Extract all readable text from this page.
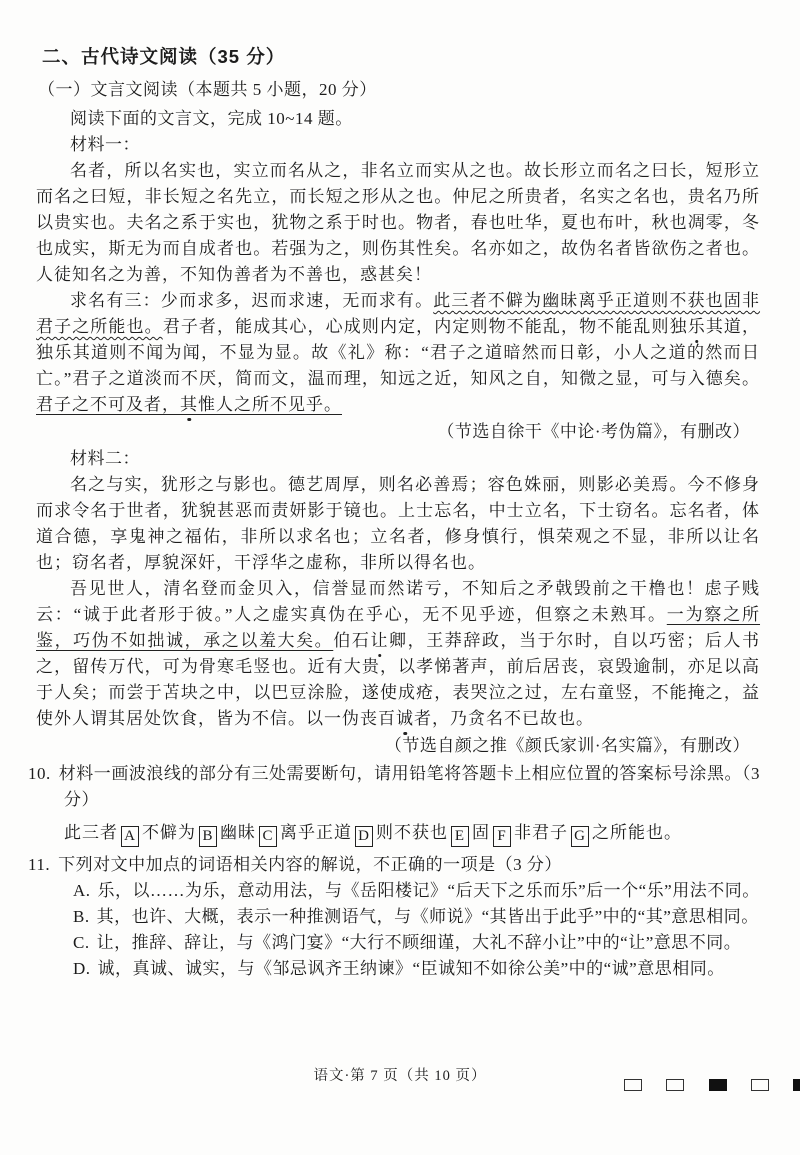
二、古代诗文阅读（35 分）
（一）文言文阅读（本题共 5 小题，20 分）
阅读下面的文言文，完成 10~14 题。
材料一：

名者，所以名实也，实立而名从之，非名立而实从之也。故长形立而名之曰长，短形立而名之曰短，非长短之名先立，而长短之形从之也。仲尼之所贵者，名实之名也，贵名乃所以贵实也。夫名之系于实也，犹物之系于时也。物者，春也吐华，夏也布叶，秋也凋零，冬也成实，斯无为而自成者也。若强为之，则伤其性矣。名亦如之，故伪名者皆欲伤之者也。人徒知名之为善，不知伪善者为不善也，惑甚矣！

求名有三：少而求多，迟而求速，无而求有。此三者不僻为幽昧离乎正道则不获也固非君子之所能也。君子者，能成其心，心成则内定，内定则物不能乱，物不能乱则独乐其道，独乐其道则不闻为闻，不显为显。故《礼》称：“君子之道暗然而日彰，小人之道的然而日亡。”君子之道淡而不厌，简而文，温而理，知远之近，知风之自，知微之显，可与入德矣。君子之不可及者，其惟人之所不见乎。

（节选自徐干《中论·考伪篇》，有删改）
材料二：

名之与实，犹形之与影也。德艺周厚，则名必善焉；容色姝丽，则影必美焉。今不修身而求令名于世者，犹貌甚恶而责妍影于镜也。上士忘名，中士立名，下士窃名。忘名者，体道合德，享鬼神之福佑，非所以求名也；立名者，修身慎行，惧荣观之不显，非所以让名也；窃名者，厚貌深奸，干浮华之虚称，非所以得名也。

吾见世人，清名登而金贝入，信誉显而然诺亏，不知后之矛戟毁前之干橹也！虑子贱云：“诚于此者形于彼。”人之虚实真伪在乎心，无不见乎迹，但察之未熟耳。一为察之所鉴，巧伪不如拙诚，承之以羞大矣。伯石让卿，王莽辞政，当于尔时，自以巧密；后人书之，留传万代，可为骨寒毛竖也。近有大贵，以孝悌著声，前后居丧，哀毁逾制，亦足以高于人矣；而尝于苫块之中，以巴豆涂脸，遂使成疮，表哭泣之过，左右童竖，不能掩之，益使外人谓其居处饮食，皆为不信。以一伪丧百诚者，乃贪名不已故也。

（节选自颜之推《颜氏家训·名实篇》，有删改）
10. 材料一画波浪线的部分有三处需要断句，请用铅笔将答题卡上相应位置的答案标号涂黑。（3 分）
此三者 A 不僻为 B 幽昧 C 离乎正道 D 则不获也 E 固 F 非君子 G 之所能也。
11. 下列对文中加点的词语相关内容的解说，不正确的一项是（3 分）

A. 乐，以……为乐，意动用法，与《岳阳楼记》“后天下之乐而乐”后一个“乐”用法不同。

B. 其，也许、大概，表示一种推测语气，与《师说》“其皆出于此乎”中的“其”意思相同。

C. 让，推辞、辞让，与《鸿门宴》“大行不顾细谨，大礼不辞小让”中的“让”意思不同。

D. 诚，真诚、诚实，与《邹忌讽齐王纳谏》“臣诚知不如徐公美”中的“诚”意思相同。

语文·第 7 页（共 10 页）
